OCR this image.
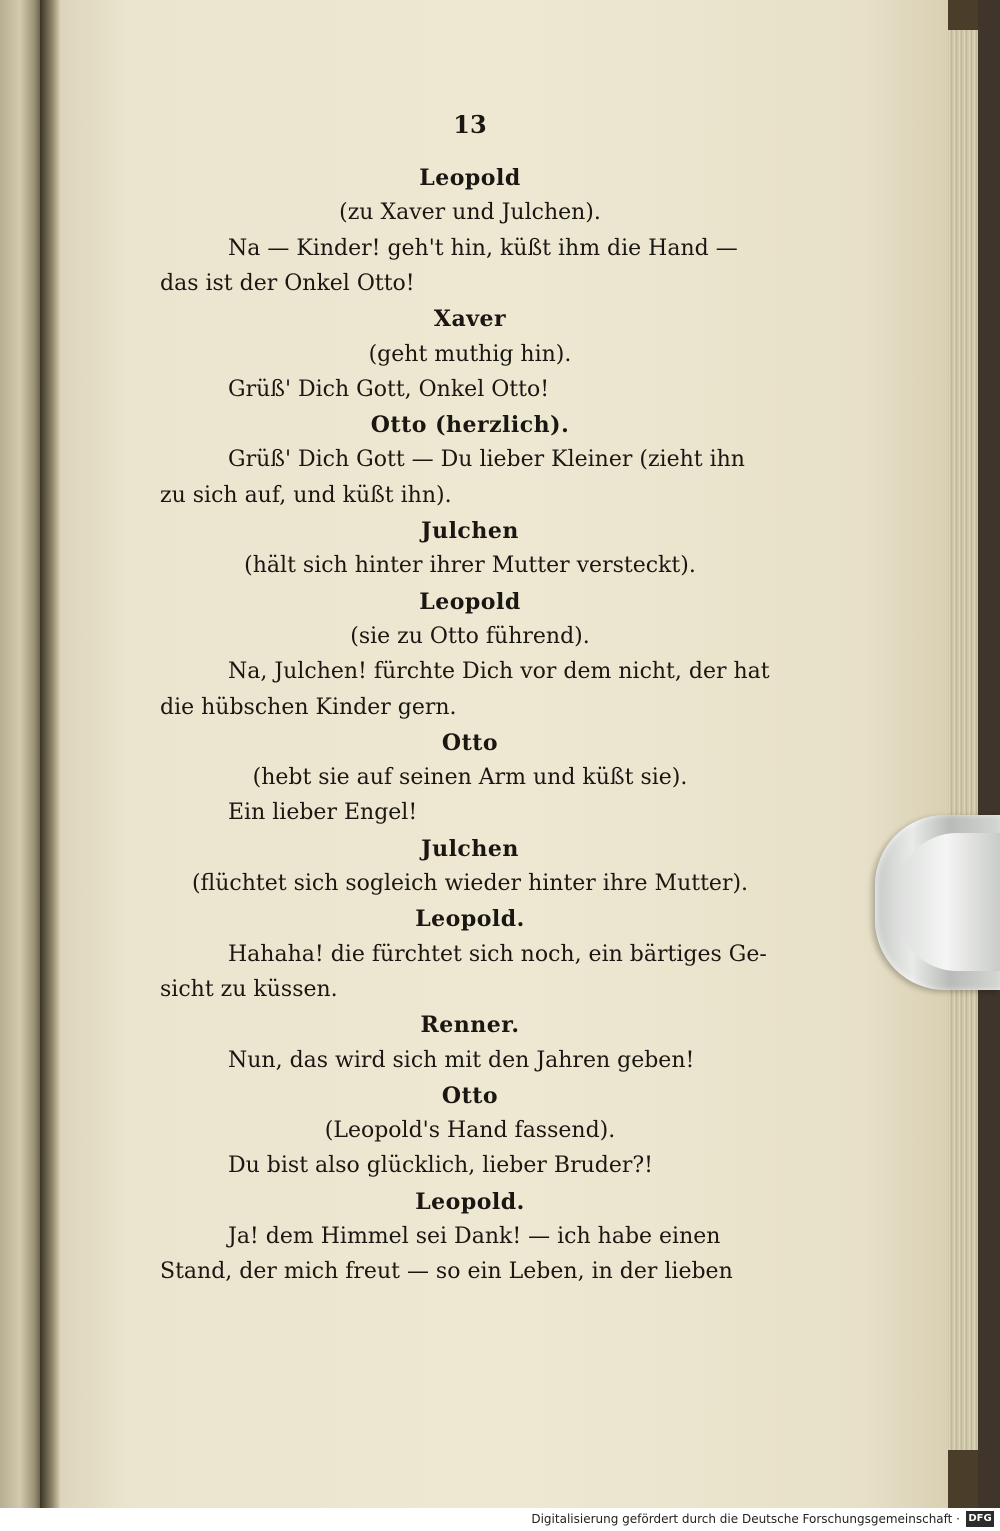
13
Leopold
(zu Xaver und Julchen).
Na — Kinder! geh't hin, küßt ihm die Hand —
das ist der Onkel Otto!
Xaver
(geht muthig hin).
Grüß' Dich Gott, Onkel Otto!
Otto (herzlich).
Grüß' Dich Gott — Du lieber Kleiner (zieht ihn
zu sich auf, und küßt ihn).
Julchen
(hält sich hinter ihrer Mutter versteckt).
Leopold
(sie zu Otto führend).
Na, Julchen! fürchte Dich vor dem nicht, der hat
die hübschen Kinder gern.
Otto
(hebt sie auf seinen Arm und küßt sie).
Ein lieber Engel!
Julchen
(flüchtet sich sogleich wieder hinter ihre Mutter).
Leopold.
Hahaha! die fürchtet sich noch, ein bärtiges Ge-
sicht zu küssen.
Renner.
Nun, das wird sich mit den Jahren geben!
Otto
(Leopold's Hand fassend).
Du bist also glücklich, lieber Bruder?!
Leopold.
Ja! dem Himmel sei Dank! — ich habe einen
Stand, der mich freut — so ein Leben, in der lieben
Digitalisierung gefördert durch die Deutsche Forschungsgemeinschaft · DFG
